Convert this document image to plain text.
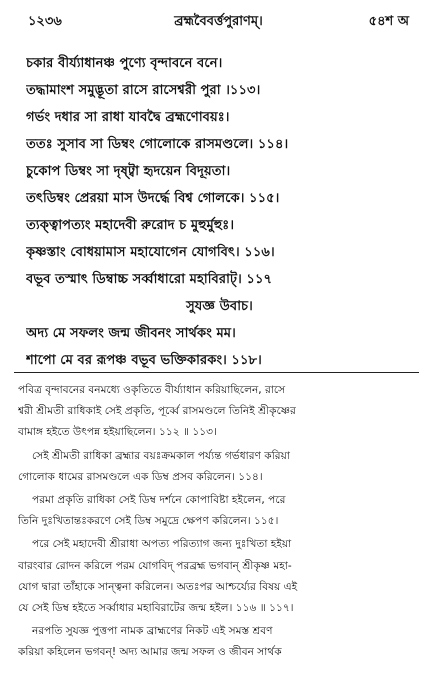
১২৩৬	ব্রহ্মবৈবর্ত্তপুরাণম্‌।	৫৪শ অ
চকার বীর্য্যাধানঞ্চ পুণ্যে বৃন্দাবনে বনে।
তদ্ধামাংশ সমুদ্ভূতা রাসে রাসেশ্বরী পুরা ।১১৩।
গর্ভং দধার সা রাধা যাবদ্বৈ ব্রহ্মণোবয়ঃ।
ততঃ সুসাব সা ডিম্বং গোলোকে রাসমণ্ডলে। ১১৪।
চুকোপ ডিম্বং সা দৃষ্ট্বা হৃদয়েন বিদূয়তা।
তৎডিম্বং প্রেরয়া মাস উদর্দ্ধে বিশ্ব গোলকে। ১১৫।
ত্যক্ত্বাপত্যং মহাদেবী রুরোদ চ মুহুর্মুহুঃ।
কৃষ্ণস্তাং বোধয়ামাস মহাযোগেন যোগবিৎ। ১১৬।
বভূব তস্মাৎ ডিম্বাচ্চ সর্ব্বাধারো মহাবিরাট্‌। ১১৭
সুযজ্ঞ উবাচ।
অদ্য মে সফলং জন্ম জীবনং সার্থকং মম।
শাপো মে বর রূপঞ্চ বভূব ভক্তিকারকং। ১১৮।
পবিত্র বৃন্দাবনের বনমধ্যে ওকৃতিতে বীর্য্যাধান করিয়াছিলেন, রাসে
শ্বরী শ্রীমতী রাধিকাই সেই প্রকৃতি, পূর্ব্বে রাসমণ্ডলে তিনিই শ্রীকৃষ্ণের
বামাঙ্গ হইতে উৎপন্ন হইয়াছিলেন। ১১২ ॥ ১১৩।
সেই শ্রীমতী রাধিকা ব্রহ্মার বয়ঃক্রমকাল পর্য্যন্ত গর্ভধারণ করিয়া
গোলোক ধামের রাসমণ্ডলে এক ডিম্ব প্রসব করিলেন। ১১৪।
পরমা প্রকৃতি রাধিকা সেই ডিম্ব দর্শনে কোপাবিষ্টা হইলেন, পরে
তিনি দুঃখিতান্তঃকরণে সেই ডিম্ব সমুদ্রে ক্ষেপণ করিলেন। ১১৫।
পরে সেই মহাদেবী শ্রীরাধা অপত্য পরিত্যাগ জন্য দুঃখিতা হইয়া
বারংবার রোদন করিলে পরম যোগবিদ্‌ পরব্রহ্ম ভগবান্‌ শ্রীকৃষ্ণ মহা-
যোগ দ্বারা তাঁহাকে সান্ত্বনা করিলেন। অতঃপর আশ্চর্য্যের বিষয় এই
যে সেই ডিম্ব হইতে সর্ব্বাধার মহাবিরাটের জন্ম হইল। ১১৬ ॥ ১১৭।
নরপতি সুযজ্ঞ পুত্তপা নামক ব্রাহ্মণের নিকট এই সমস্ত শ্রবণ
করিয়া কহিলেন ভগবন্‌! অদ্য আমার জন্ম সফল ও জীবন সার্থক
